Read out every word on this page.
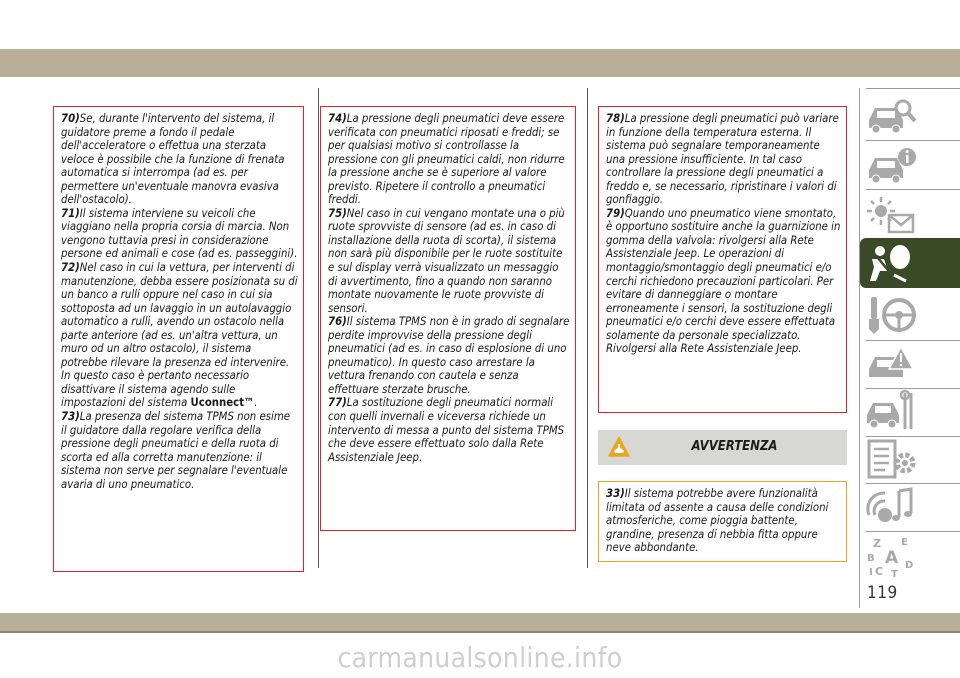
70)Se, durante l'intervento del sistema, il guidatore preme a fondo il pedale dell'acceleratore o effettua una sterzata veloce è possibile che la funzione di frenata automatica si interrompa (ad es. per permettere un'eventuale manovra evasiva dell'ostacolo).

71)Il sistema interviene su veicoli che viaggiano nella propria corsia di marcia. Non vengono tuttavia presi in considerazione persone ed animali e cose (ad es. passeggini).

72)Nel caso in cui la vettura, per interventi di manutenzione, debba essere posizionata su di un banco a rulli oppure nel caso in cui sia sottoposta ad un lavaggio in un autolavaggio automatico a rulli, avendo un ostacolo nella parte anteriore (ad es. un'altra vettura, un muro od un altro ostacolo), il sistema potrebbe rilevare la presenza ed intervenire. In questo caso è pertanto necessario disattivare il sistema agendo sulle impostazioni del sistema Uconnect™.

73)La presenza del sistema TPMS non esime il guidatore dalla regolare verifica della pressione degli pneumatici e della ruota di scorta ed alla corretta manutenzione: il sistema non serve per segnalare l'eventuale avaria di uno pneumatico.

74)La pressione degli pneumatici deve essere verificata con pneumatici riposati e freddi; se per qualsiasi motivo si controllasse la pressione con gli pneumatici caldi, non ridurre la pressione anche se è superiore al valore previsto. Ripetere il controllo a pneumatici freddi.

75)Nel caso in cui vengano montate una o più ruote sprovviste di sensore (ad es. in caso di installazione della ruota di scorta), il sistema non sarà più disponibile per le ruote sostituite e sul display verrà visualizzato un messaggio di avvertimento, fino a quando non saranno montate nuovamente le ruote provviste di sensori.

76)Il sistema TPMS non è in grado di segnalare perdite improvvise della pressione degli pneumatici (ad es. in caso di esplosione di uno pneumatico). In questo caso arrestare la vettura frenando con cautela e senza effettuare sterzate brusche.

77)La sostituzione degli pneumatici normali con quelli invernali e viceversa richiede un intervento di messa a punto del sistema TPMS che deve essere effettuato solo dalla Rete Assistenziale Jeep.

78)La pressione degli pneumatici può variare in funzione della temperatura esterna. Il sistema può segnalare temporaneamente una pressione insufficiente. In tal caso controllare la pressione degli pneumatici a freddo e, se necessario, ripristinare i valori di gonfiaggio.

79)Quando uno pneumatico viene smontato, è opportuno sostituire anche la guarnizione in gomma della valvola: rivolgersi alla Rete Assistenziale Jeep. Le operazioni di montaggio/smontaggio degli pneumatici e/o cerchi richiedono precauzioni particolari. Per evitare di danneggiare o montare erroneamente i sensori, la sostituzione degli pneumatici e/o cerchi deve essere effettuata solamente da personale specializzato. Rivolgersi alla Rete Assistenziale Jeep.

AVVERTENZA

33)Il sistema potrebbe avere funzionalità limitata od assente a causa delle condizioni atmosferiche, come pioggia battente, grandine, presenza di nebbia fitta oppure neve abbondante.	Z E
B A
C D
I T
119
carmanualsonline.info
